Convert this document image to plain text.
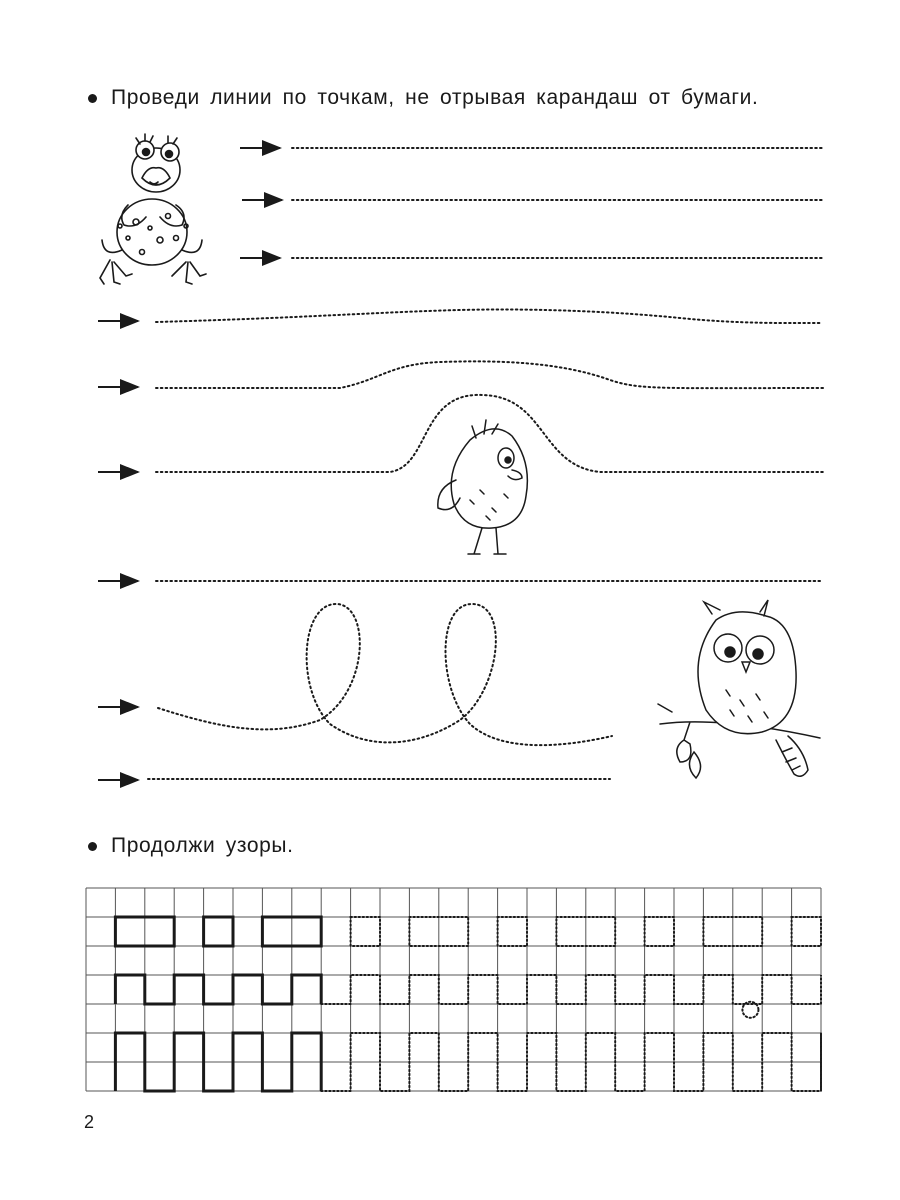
Проведи линии по точкам, не отрывая карандаш от бумаги.
Продолжи узоры.
2
